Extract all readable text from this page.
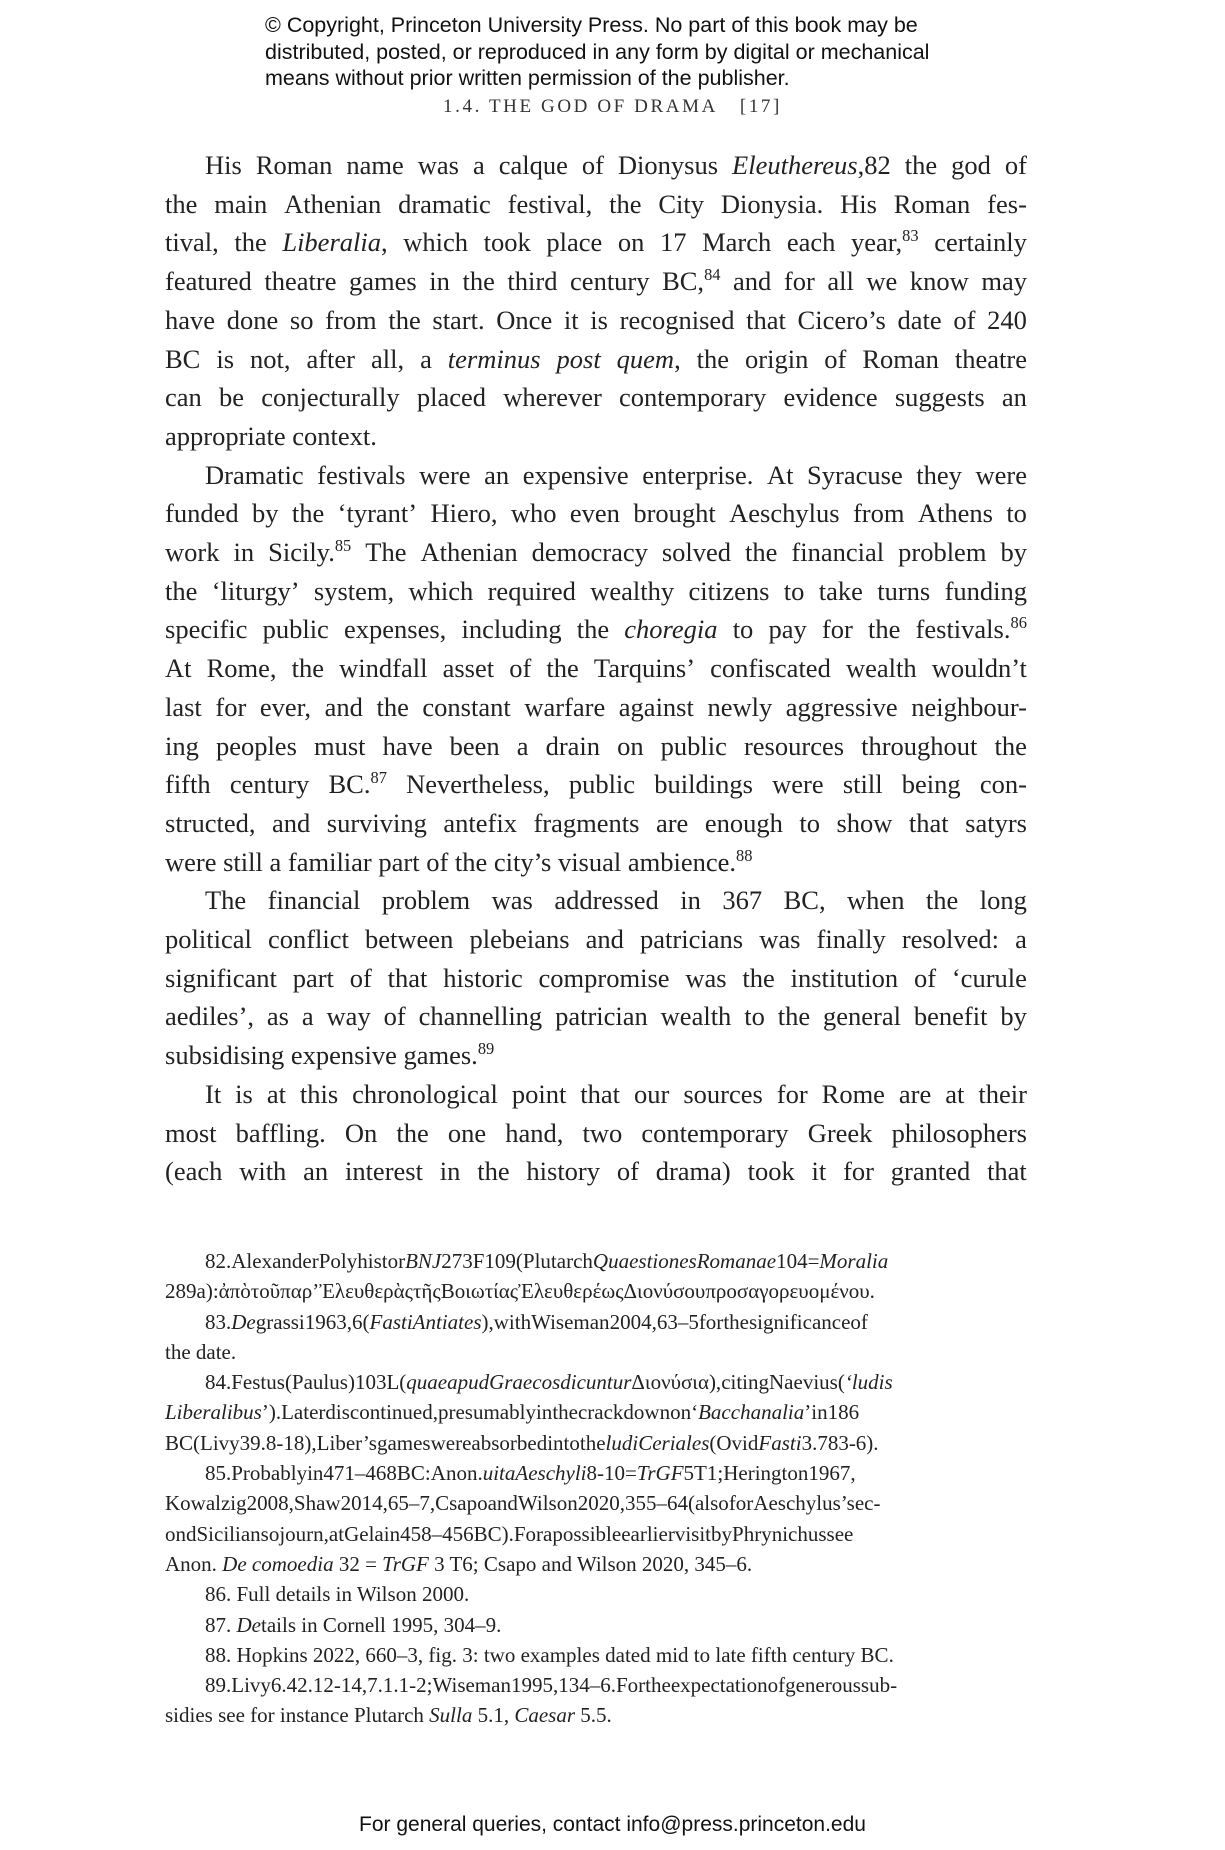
© Copyright, Princeton University Press. No part of this book may be
distributed, posted, or reproduced in any form by digital or mechanical
means without prior written permission of the publisher.
1.4. THE GOD OF DRAMA [17]
His Roman name was a calque of Dionysus Eleuthereus,82 the god of
the main Athenian dramatic festival, the City Dionysia. His Roman fes-
tival, the Liberalia, which took place on 17 March each year,$^{83}$ certainly
featured theatre games in the third century BC,$^{84}$ and for all we know may
have done so from the start. Once it is recognised that Cicero’s date of 240
BC is not, after all, a terminus post quem, the origin of Roman theatre
can be conjecturally placed wherever contemporary evidence suggests an
appropriate context.
Dramatic festivals were an expensive enterprise. At Syracuse they were
funded by the ‘tyrant’ Hiero, who even brought Aeschylus from Athens to
work in Sicily.$^{85}$ The Athenian democracy solved the financial problem by
the ‘liturgy’ system, which required wealthy citizens to take turns funding
specific public expenses, including the choregia to pay for the festivals.$^{86}$
At Rome, the windfall asset of the Tarquins’ confiscated wealth wouldn’t
last for ever, and the constant warfare against newly aggressive neighbour-
ing peoples must have been a drain on public resources throughout the
fifth century BC.$^{87}$ Nevertheless, public buildings were still being con-
structed, and surviving antefix fragments are enough to show that satyrs
were still a familiar part of the city’s visual ambience.$^{88}$
The financial problem was addressed in 367 BC, when the long
political conflict between plebeians and patricians was finally resolved: a
significant part of that historic compromise was the institution of ‘curule
aediles’, as a way of channelling patrician wealth to the general benefit by
subsidising expensive games.$^{89}$
It is at this chronological point that our sources for Rome are at their
most baffling. On the one hand, two contemporary Greek philosophers
(each with an interest in the history of drama) took it for granted that
82.AlexanderPolyhistorBNJ273F109(PlutarchQuaestionesRomanae104=Moralia
289a):ἀπὸτοῦπαρ’ἘλευθερὰςτῆςΒοιωτίαςἘλευθερέωςΔιονύσουπροσαγορευομένου.
83.Degrassi1963,6(FastiAntiates),withWiseman2004,63–5forthesignificanceof
the date.
84.Festus(Paulus)103L(quaeapudGraecosdicunturΔιονύσια),citingNaevius(‘ludis
Liberalibus’).Laterdiscontinued,presumablyinthecrackdownon‘Bacchanalia’in186
BC(Livy39.8-18),Liber’sgameswereabsorbedintotheludiCeriales(OvidFasti3.783-6).
85.Probablyin471–468BC:Anon.uitaAeschyli8-10=TrGF5T1;Herington1967,
Kowalzig2008,Shaw2014,65–7,CsapoandWilson2020,355–64(alsoforAeschylus’sec-
ondSiciliansojourn,atGelain458–456BC).ForapossibleearliervisitbyPhrynichussee
Anon. De comoedia 32 = TrGF 3 T6; Csapo and Wilson 2020, 345–6.
86. Full details in Wilson 2000.
87. Details in Cornell 1995, 304–9.
88. Hopkins 2022, 660–3, fig. 3: two examples dated mid to late fifth century BC.
89.Livy6.42.12-14,7.1.1-2;Wiseman1995,134–6.Fortheexpectationofgeneroussub-
sidies see for instance Plutarch Sulla 5.1, Caesar 5.5.
For general queries, contact info@press.princeton.edu
